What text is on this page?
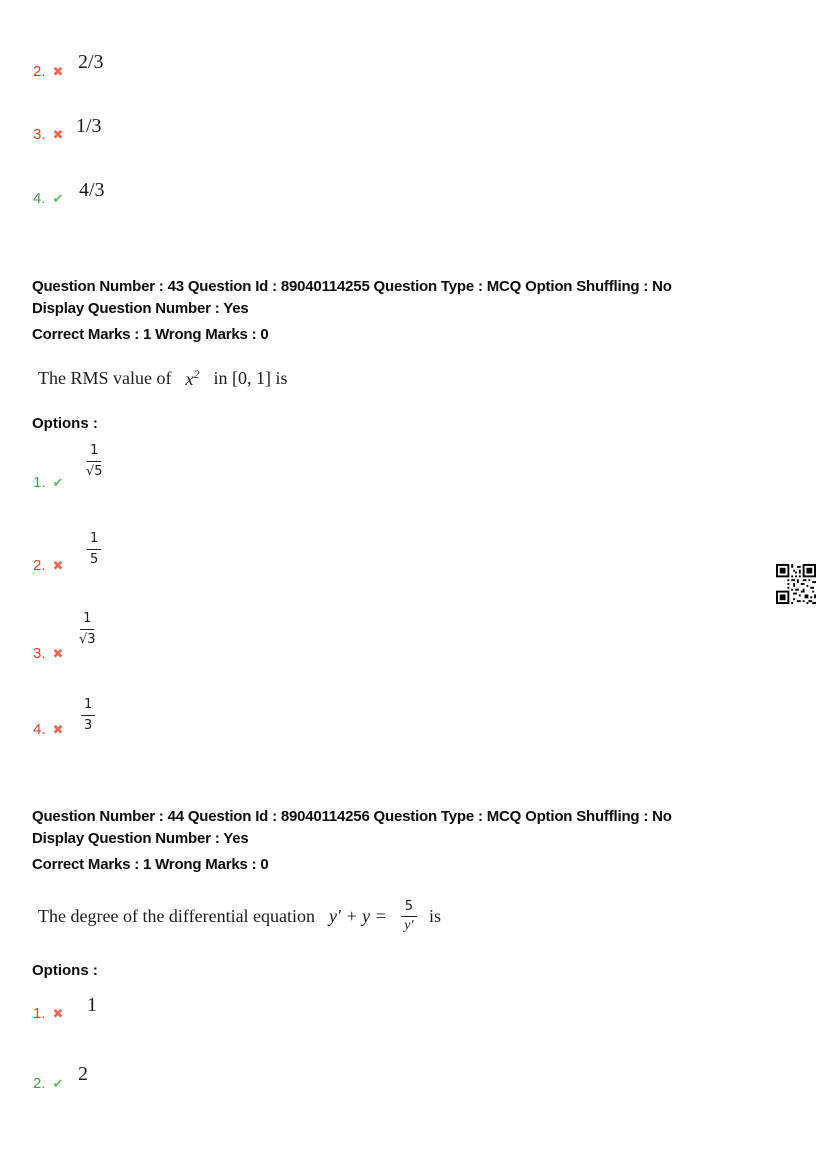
2. ✖ 2/3
3. ✖ 1/3
4. ✔ 4/3
Question Number : 43 Question Id : 89040114255 Question Type : MCQ Option Shuffling : No
Display Question Number : Yes
Correct Marks : 1 Wrong Marks : 0
The RMS value of $x^2$ in [0, 1] is
Options :
1. ✔
$\frac{1}{√5}$
2. ✖ $\frac{1}{5}$
3. ✖
$\frac{1}{√3}$
4. ✖ $\frac{1}{3}$
Question Number : 44 Question Id : 89040114256 Question Type : MCQ Option Shuffling : No
Display Question Number : Yes
Correct Marks : 1 Wrong Marks : 0
The degree of the differential equation $y' + y = \frac{5}{y'}$ is
Options :
1. ✖ 1
2. ✔ 2
